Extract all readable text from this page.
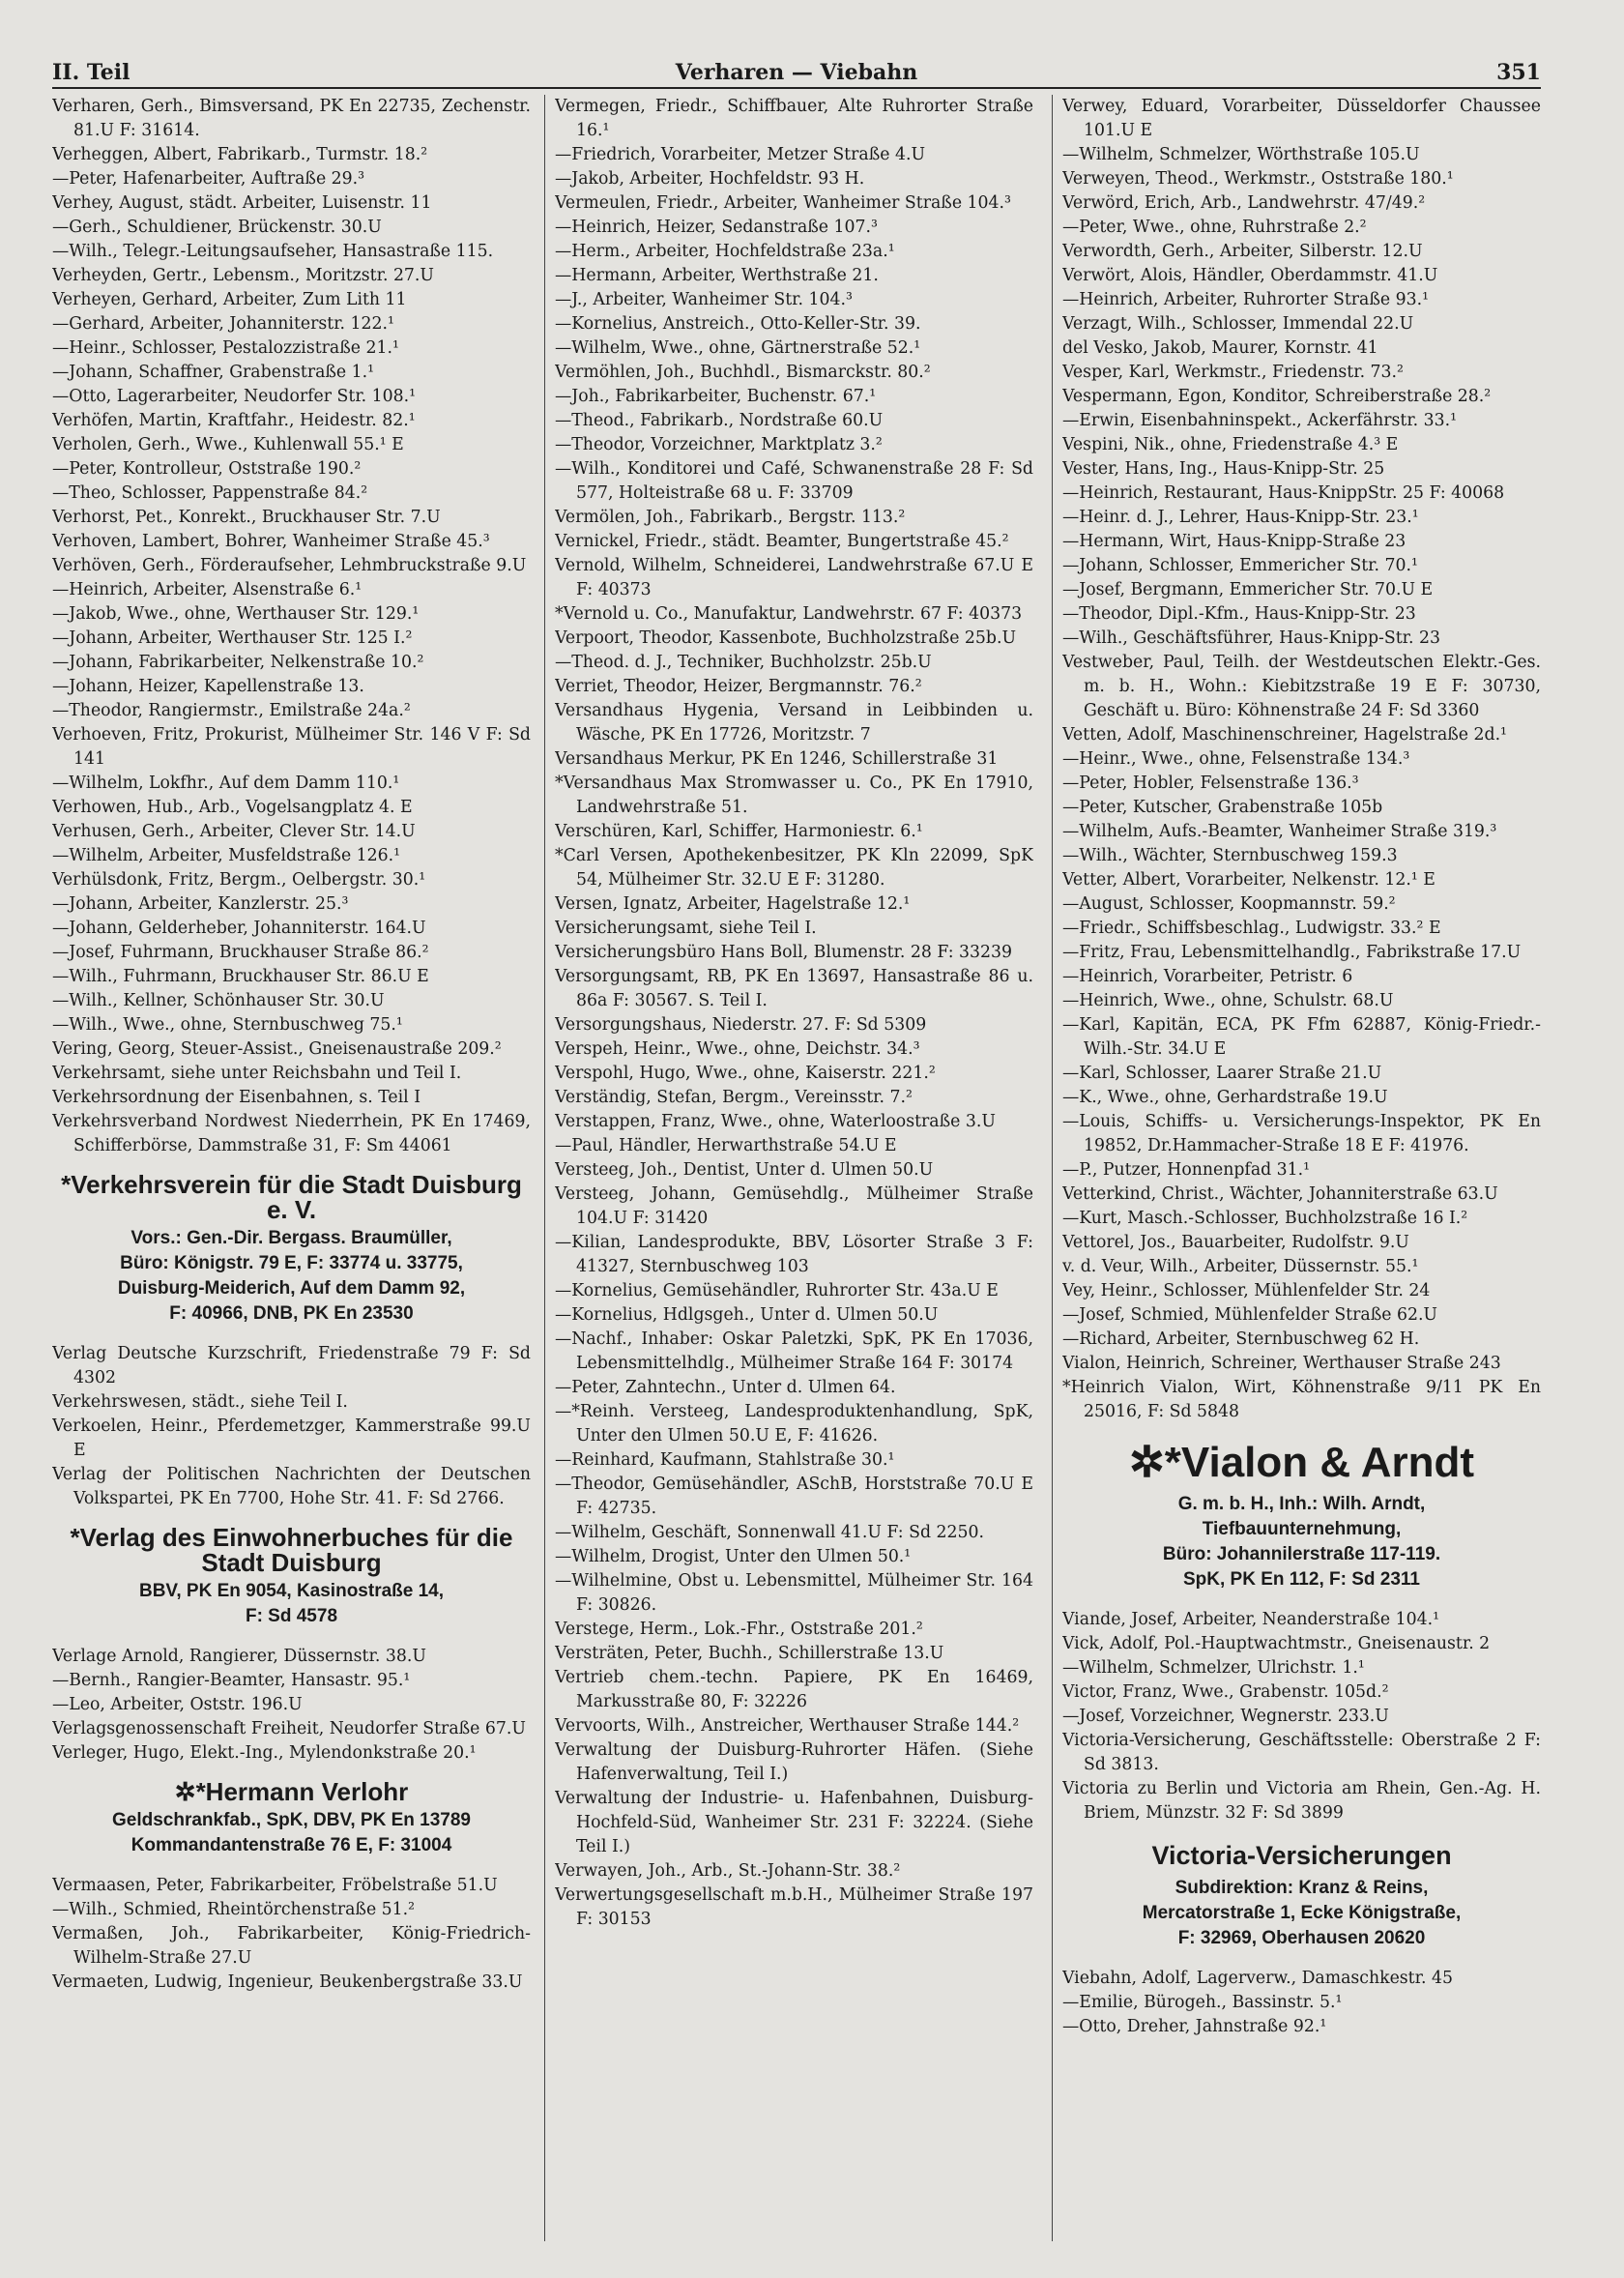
II. Teil	Verharen — Viebahn	351

Verharen, Gerh., Bimsversand, PK En 22735, Zechenstr. 81.U F: 31614.

Verheggen, Albert, Fabrikarb., Turmstr. 18.²

—Peter, Hafenarbeiter, Auftraße 29.³

Verhey, August, städt. Arbeiter, Luisenstr. 11

—Gerh., Schuldiener, Brückenstr. 30.U

—Wilh., Telegr.-Leitungsaufseher, Hansastraße 115.

Verheyden, Gertr., Lebensm., Moritzstr. 27.U

Verheyen, Gerhard, Arbeiter, Zum Lith 11

—Gerhard, Arbeiter, Johanniterstr. 122.¹

—Heinr., Schlosser, Pestalozzistraße 21.¹

—Johann, Schaffner, Grabenstraße 1.¹

—Otto, Lagerarbeiter, Neudorfer Str. 108.¹

Verhöfen, Martin, Kraftfahr., Heidestr. 82.¹

Verholen, Gerh., Wwe., Kuhlenwall 55.¹ E

—Peter, Kontrolleur, Oststraße 190.²

—Theo, Schlosser, Pappenstraße 84.²

Verhorst, Pet., Konrekt., Bruckhauser Str. 7.U

Verhoven, Lambert, Bohrer, Wanheimer Straße 45.³

Verhöven, Gerh., Förderaufseher, Lehmbruckstraße 9.U

—Heinrich, Arbeiter, Alsenstraße 6.¹

—Jakob, Wwe., ohne, Werthauser Str. 129.¹

—Johann, Arbeiter, Werthauser Str. 125 I.²

—Johann, Fabrikarbeiter, Nelkenstraße 10.²

—Johann, Heizer, Kapellenstraße 13.

—Theodor, Rangiermstr., Emilstraße 24a.²

Verhoeven, Fritz, Prokurist, Mülheimer Str. 146 V F: Sd 141

—Wilhelm, Lokfhr., Auf dem Damm 110.¹

Verhowen, Hub., Arb., Vogelsangplatz 4. E

Verhusen, Gerh., Arbeiter, Clever Str. 14.U

—Wilhelm, Arbeiter, Musfeldstraße 126.¹

Verhülsdonk, Fritz, Bergm., Oelbergstr. 30.¹

—Johann, Arbeiter, Kanzlerstr. 25.³

—Johann, Gelderheber, Johanniterstr. 164.U

—Josef, Fuhrmann, Bruckhauser Straße 86.²

—Wilh., Fuhrmann, Bruckhauser Str. 86.U E

—Wilh., Kellner, Schönhauser Str. 30.U

—Wilh., Wwe., ohne, Sternbuschweg 75.¹

Vering, Georg, Steuer-Assist., Gneisenaustraße 209.²

Verkehrsamt, siehe unter Reichsbahn und Teil I.

Verkehrsordnung der Eisenbahnen, s. Teil I

Verkehrsverband Nordwest Niederrhein, PK En 17469, Schifferbörse, Dammstraße 31, F: Sm 44061

*Verkehrsverein für die Stadt Duisburg e. V.
Vors.: Gen.-Dir. Bergass. Braumüller,
Büro: Königstr. 79 E, F: 33774 u. 33775,
Duisburg-Meiderich, Auf dem Damm 92,
F: 40966, DNB, PK En 23530

Verlag Deutsche Kurzschrift, Friedenstraße 79 F: Sd 4302

Verkehrswesen, städt., siehe Teil I.

Verkoelen, Heinr., Pferdemetzger, Kammerstraße 99.U E

Verlag der Politischen Nachrichten der Deutschen Volkspartei, PK En 7700, Hohe Str. 41. F: Sd 2766.

*Verlag des Einwohnerbuches für die Stadt Duisburg
BBV, PK En 9054, Kasinostraße 14,
F: Sd 4578

Verlage Arnold, Rangierer, Düssernstr. 38.U

—Bernh., Rangier-Beamter, Hansastr. 95.¹

—Leo, Arbeiter, Oststr. 196.U

Verlagsgenossenschaft Freiheit, Neudorfer Straße 67.U

Verleger, Hugo, Elekt.-Ing., Mylendonkstraße 20.¹

✲*Hermann Verlohr
Geldschrankfab., SpK, DBV, PK En 13789
Kommandantenstraße 76 E, F: 31004

Vermaasen, Peter, Fabrikarbeiter, Fröbelstraße 51.U

—Wilh., Schmied, Rheintörchenstraße 51.²

Vermaßen, Joh., Fabrikarbeiter, König-Friedrich-Wilhelm-Straße 27.U

Vermaeten, Ludwig, Ingenieur, Beukenbergstraße 33.U

Vermegen, Friedr., Schiffbauer, Alte Ruhrorter Straße 16.¹

—Friedrich, Vorarbeiter, Metzer Straße 4.U

—Jakob, Arbeiter, Hochfeldstr. 93 H.

Vermeulen, Friedr., Arbeiter, Wanheimer Straße 104.³

—Heinrich, Heizer, Sedanstraße 107.³

—Herm., Arbeiter, Hochfeldstraße 23a.¹

—Hermann, Arbeiter, Werthstraße 21.

—J., Arbeiter, Wanheimer Str. 104.³

—Kornelius, Anstreich., Otto-Keller-Str. 39.

—Wilhelm, Wwe., ohne, Gärtnerstraße 52.¹

Vermöhlen, Joh., Buchhdl., Bismarckstr. 80.²

—Joh., Fabrikarbeiter, Buchenstr. 67.¹

—Theod., Fabrikarb., Nordstraße 60.U

—Theodor, Vorzeichner, Marktplatz 3.²

—Wilh., Konditorei und Café, Schwanenstraße 28 F: Sd 577, Holteistraße 68 u. F: 33709

Vermölen, Joh., Fabrikarb., Bergstr. 113.²

Vernickel, Friedr., städt. Beamter, Bungertstraße 45.²

Vernold, Wilhelm, Schneiderei, Landwehrstraße 67.U E F: 40373

*Vernold u. Co., Manufaktur, Landwehrstr. 67 F: 40373

Verpoort, Theodor, Kassenbote, Buchholzstraße 25b.U

—Theod. d. J., Techniker, Buchholzstr. 25b.U

Verriet, Theodor, Heizer, Bergmannstr. 76.²

Versandhaus Hygenia, Versand in Leibbinden u. Wäsche, PK En 17726, Moritzstr. 7

Versandhaus Merkur, PK En 1246, Schillerstraße 31

*Versandhaus Max Stromwasser u. Co., PK En 17910, Landwehrstraße 51.

Verschüren, Karl, Schiffer, Harmoniestr. 6.¹

*Carl Versen, Apothekenbesitzer, PK Kln 22099, SpK 54, Mülheimer Str. 32.U E F: 31280.

Versen, Ignatz, Arbeiter, Hagelstraße 12.¹

Versicherungsamt, siehe Teil I.

Versicherungsbüro Hans Boll, Blumenstr. 28 F: 33239

Versorgungsamt, RB, PK En 13697, Hansastraße 86 u. 86a F: 30567. S. Teil I.

Versorgungshaus, Niederstr. 27. F: Sd 5309

Verspeh, Heinr., Wwe., ohne, Deichstr. 34.³

Verspohl, Hugo, Wwe., ohne, Kaiserstr. 221.²

Verständig, Stefan, Bergm., Vereinsstr. 7.²

Verstappen, Franz, Wwe., ohne, Waterloostraße 3.U

—Paul, Händler, Herwarthstraße 54.U E

Versteeg, Joh., Dentist, Unter d. Ulmen 50.U

Versteeg, Johann, Gemüsehdlg., Mülheimer Straße 104.U F: 31420

—Kilian, Landesprodukte, BBV, Lösorter Straße 3 F: 41327, Sternbuschweg 103

—Kornelius, Gemüsehändler, Ruhrorter Str. 43a.U E

—Kornelius, Hdlgsgeh., Unter d. Ulmen 50.U

—Nachf., Inhaber: Oskar Paletzki, SpK, PK En 17036, Lebensmittelhdlg., Mülheimer Straße 164 F: 30174

—Peter, Zahntechn., Unter d. Ulmen 64.

—*Reinh. Versteeg, Landesproduktenhandlung, SpK, Unter den Ulmen 50.U E, F: 41626.

—Reinhard, Kaufmann, Stahlstraße 30.¹

—Theodor, Gemüsehändler, ASchB, Horststraße 70.U E F: 42735.

—Wilhelm, Geschäft, Sonnenwall 41.U F: Sd 2250.

—Wilhelm, Drogist, Unter den Ulmen 50.¹

—Wilhelmine, Obst u. Lebensmittel, Mülheimer Str. 164 F: 30826.

Verstege, Herm., Lok.-Fhr., Oststraße 201.²

Versträten, Peter, Buchh., Schillerstraße 13.U

Vertrieb chem.-techn. Papiere, PK En 16469, Markusstraße 80, F: 32226

Vervoorts, Wilh., Anstreicher, Werthauser Straße 144.²

Verwaltung der Duisburg-Ruhrorter Häfen. (Siehe Hafenverwaltung, Teil I.)

Verwaltung der Industrie- u. Hafenbahnen, Duisburg-Hochfeld-Süd, Wanheimer Str. 231 F: 32224. (Siehe Teil I.)

Verwayen, Joh., Arb., St.-Johann-Str. 38.²

Verwertungsgesellschaft m.b.H., Mülheimer Straße 197 F: 30153

Verwey, Eduard, Vorarbeiter, Düsseldorfer Chaussee 101.U E

—Wilhelm, Schmelzer, Wörthstraße 105.U

Verweyen, Theod., Werkmstr., Oststraße 180.¹

Verwörd, Erich, Arb., Landwehrstr. 47/49.²

—Peter, Wwe., ohne, Ruhrstraße 2.²

Verwordth, Gerh., Arbeiter, Silberstr. 12.U

Verwört, Alois, Händler, Oberdammstr. 41.U

—Heinrich, Arbeiter, Ruhrorter Straße 93.¹

Verzagt, Wilh., Schlosser, Immendal 22.U

del Vesko, Jakob, Maurer, Kornstr. 41

Vesper, Karl, Werkmstr., Friedenstr. 73.²

Vespermann, Egon, Konditor, Schreiberstraße 28.²

—Erwin, Eisenbahninspekt., Ackerfährstr. 33.¹

Vespini, Nik., ohne, Friedenstraße 4.³ E

Vester, Hans, Ing., Haus-Knipp-Str. 25

—Heinrich, Restaurant, Haus-KnippStr. 25 F: 40068

—Heinr. d. J., Lehrer, Haus-Knipp-Str. 23.¹

—Hermann, Wirt, Haus-Knipp-Straße 23

—Johann, Schlosser, Emmericher Str. 70.¹

—Josef, Bergmann, Emmericher Str. 70.U E

—Theodor, Dipl.-Kfm., Haus-Knipp-Str. 23

—Wilh., Geschäftsführer, Haus-Knipp-Str. 23

Vestweber, Paul, Teilh. der Westdeutschen Elektr.-Ges. m. b. H., Wohn.: Kiebitzstraße 19 E F: 30730, Geschäft u. Büro: Köhnenstraße 24 F: Sd 3360

Vetten, Adolf, Maschinenschreiner, Hagelstraße 2d.¹

—Heinr., Wwe., ohne, Felsenstraße 134.³

—Peter, Hobler, Felsenstraße 136.³

—Peter, Kutscher, Grabenstraße 105b

—Wilhelm, Aufs.-Beamter, Wanheimer Straße 319.³

—Wilh., Wächter, Sternbuschweg 159.3

Vetter, Albert, Vorarbeiter, Nelkenstr. 12.¹ E

—August, Schlosser, Koopmannstr. 59.²

—Friedr., Schiffsbeschlag., Ludwigstr. 33.² E

—Fritz, Frau, Lebensmittelhandlg., Fabrikstraße 17.U

—Heinrich, Vorarbeiter, Petristr. 6

—Heinrich, Wwe., ohne, Schulstr. 68.U

—Karl, Kapitän, ECA, PK Ffm 62887, König-Friedr.-Wilh.-Str. 34.U E

—Karl, Schlosser, Laarer Straße 21.U

—K., Wwe., ohne, Gerhardstraße 19.U

—Louis, Schiffs- u. Versicherungs-Inspektor, PK En 19852, Dr.Hammacher-Straße 18 E F: 41976.

—P., Putzer, Honnenpfad 31.¹

Vetterkind, Christ., Wächter, Johanniterstraße 63.U

—Kurt, Masch.-Schlosser, Buchholzstraße 16 I.²

Vettorel, Jos., Bauarbeiter, Rudolfstr. 9.U

v. d. Veur, Wilh., Arbeiter, Düssernstr. 55.¹

Vey, Heinr., Schlosser, Mühlenfelder Str. 24

—Josef, Schmied, Mühlenfelder Straße 62.U

—Richard, Arbeiter, Sternbuschweg 62 H.

Vialon, Heinrich, Schreiner, Werthauser Straße 243

*Heinrich Vialon, Wirt, Köhnenstraße 9/11 PK En 25016, F: Sd 5848

✲*Vialon & Arndt
G. m. b. H., Inh.: Wilh. Arndt,
Tiefbauunternehmung,
Büro: Johannilerstraße 117-119.
SpK, PK En 112, F: Sd 2311

Viande, Josef, Arbeiter, Neanderstraße 104.¹

Vick, Adolf, Pol.-Hauptwachtmstr., Gneisenaustr. 2

—Wilhelm, Schmelzer, Ulrichstr. 1.¹

Victor, Franz, Wwe., Grabenstr. 105d.²

—Josef, Vorzeichner, Wegnerstr. 233.U

Victoria-Versicherung, Geschäftsstelle: Oberstraße 2 F: Sd 3813.

Victoria zu Berlin und Victoria am Rhein, Gen.-Ag. H. Briem, Münzstr. 32 F: Sd 3899

Victoria-Versicherungen
Subdirektion: Kranz & Reins,
Mercatorstraße 1, Ecke Königstraße,
F: 32969, Oberhausen 20620

Viebahn, Adolf, Lagerverw., Damaschkestr. 45

—Emilie, Bürogeh., Bassinstr. 5.¹

—Otto, Dreher, Jahnstraße 92.¹
